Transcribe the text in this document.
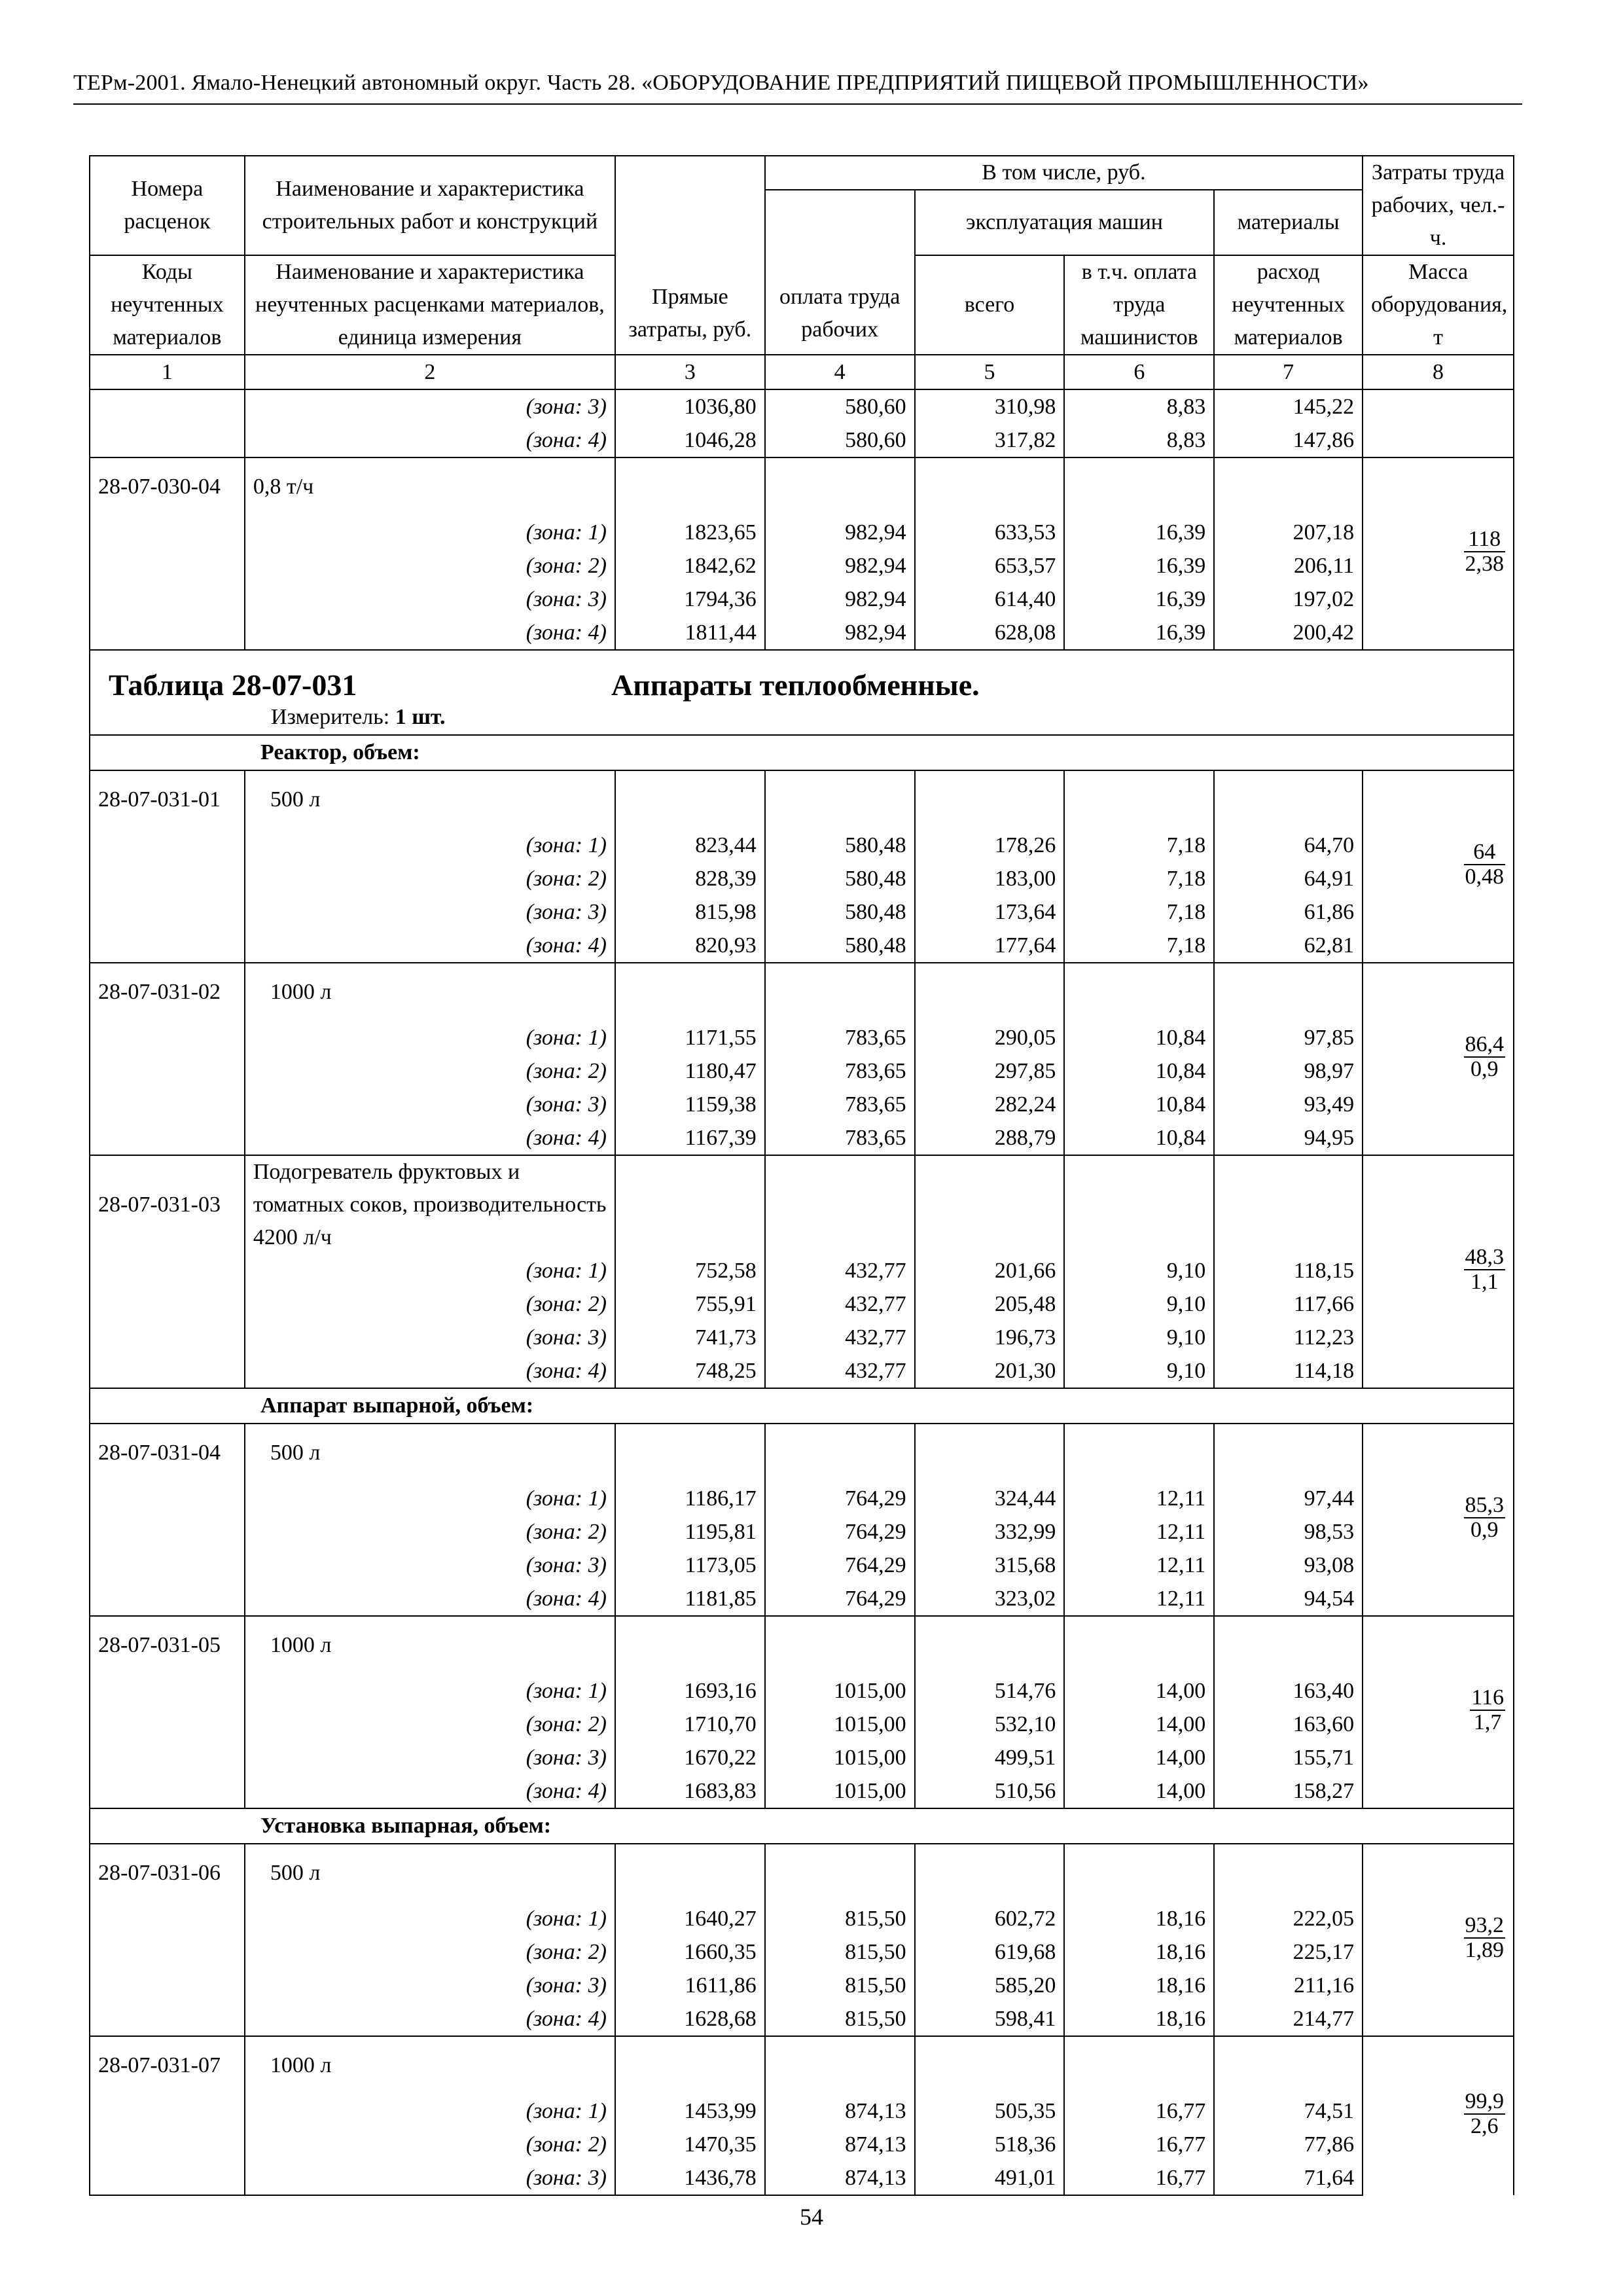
ТЕРм-2001. Ямало-Ненецкий автономный округ. Часть 28. «ОБОРУДОВАНИЕ ПРЕДПРИЯТИЙ ПИЩЕВОЙ ПРОМЫШЛЕННОСТИ»
Номера расценок	Наименование и характеристика строительных работ и конструкций	Прямые затраты, руб.	В том числе, руб.				Затраты труда рабочих, чел.-ч.
			оплата труда рабочих	эксплуатация машин		материалы	
Коды неучтенных материалов	Наименование и характеристика неучтенных расценками материалов, единица измерения			всего	в т.ч. оплата труда машинистов	расход неучтенных материалов	Масса оборудования, т
1	2	3	4	5	6	7	8
	(зона: 3)	1036,80	580,60	310,98	8,83	145,22	
	(зона: 4)	1046,28	580,60	317,82	8,83	147,86	
28-07-030-04	0,8 т/ч						$\frac{118}{2,38}$

	(зона: 1)	1823,65	982,94	633,53	16,39	207,18	
	(зона: 2)	1842,62	982,94	653,57	16,39	206,11	
	(зона: 3)	1794,36	982,94	614,40	16,39	197,02	
	(зона: 4)	1811,44	982,94	628,08	16,39	200,42	

Таблица 28-07-031 Аппараты теплообменные.
Измеритель: 1 шт.							

Реактор, объем:							
28-07-031-01	500 л						$\frac{64}{0,48}$

	(зона: 1)	823,44	580,48	178,26	7,18	64,70	
	(зона: 2)	828,39	580,48	183,00	7,18	64,91	
	(зона: 3)	815,98	580,48	173,64	7,18	61,86	
	(зона: 4)	820,93	580,48	177,64	7,18	62,81	
28-07-031-02	1000 л						$\frac{86,4}{0,9}$

	(зона: 1)	1171,55	783,65	290,05	10,84	97,85	
	(зона: 2)	1180,47	783,65	297,85	10,84	98,97	
	(зона: 3)	1159,38	783,65	282,24	10,84	93,49	
	(зона: 4)	1167,39	783,65	288,79	10,84	94,95	
28-07-031-03	Подогреватель фруктовых и томатных соков, производительность 4200 л/ч						$\frac{48,3}{1,1}$

	(зона: 1)	752,58	432,77	201,66	9,10	118,15	
	(зона: 2)	755,91	432,77	205,48	9,10	117,66	
	(зона: 3)	741,73	432,77	196,73	9,10	112,23	
	(зона: 4)	748,25	432,77	201,30	9,10	114,18	
Аппарат выпарной, объем:							
28-07-031-04	500 л						$\frac{85,3}{0,9}$

	(зона: 1)	1186,17	764,29	324,44	12,11	97,44	
	(зона: 2)	1195,81	764,29	332,99	12,11	98,53	
	(зона: 3)	1173,05	764,29	315,68	12,11	93,08	
	(зона: 4)	1181,85	764,29	323,02	12,11	94,54	
28-07-031-05	1000 л						$\frac{116}{1,7}$

	(зона: 1)	1693,16	1015,00	514,76	14,00	163,40	
	(зона: 2)	1710,70	1015,00	532,10	14,00	163,60	
	(зона: 3)	1670,22	1015,00	499,51	14,00	155,71	
	(зона: 4)	1683,83	1015,00	510,56	14,00	158,27	
Установка выпарная, объем:							
28-07-031-06	500 л						$\frac{93,2}{1,89}$

	(зона: 1)	1640,27	815,50	602,72	18,16	222,05	
	(зона: 2)	1660,35	815,50	619,68	18,16	225,17	
	(зона: 3)	1611,86	815,50	585,20	18,16	211,16	
	(зона: 4)	1628,68	815,50	598,41	18,16	214,77	
28-07-031-07	1000 л						$\frac{99,9}{2,6}$

	(зона: 1)	1453,99	874,13	505,35	16,77	74,51	
	(зона: 2)	1470,35	874,13	518,36	16,77	77,86	
	(зона: 3)	1436,78	874,13	491,01	16,77	71,64	
54
